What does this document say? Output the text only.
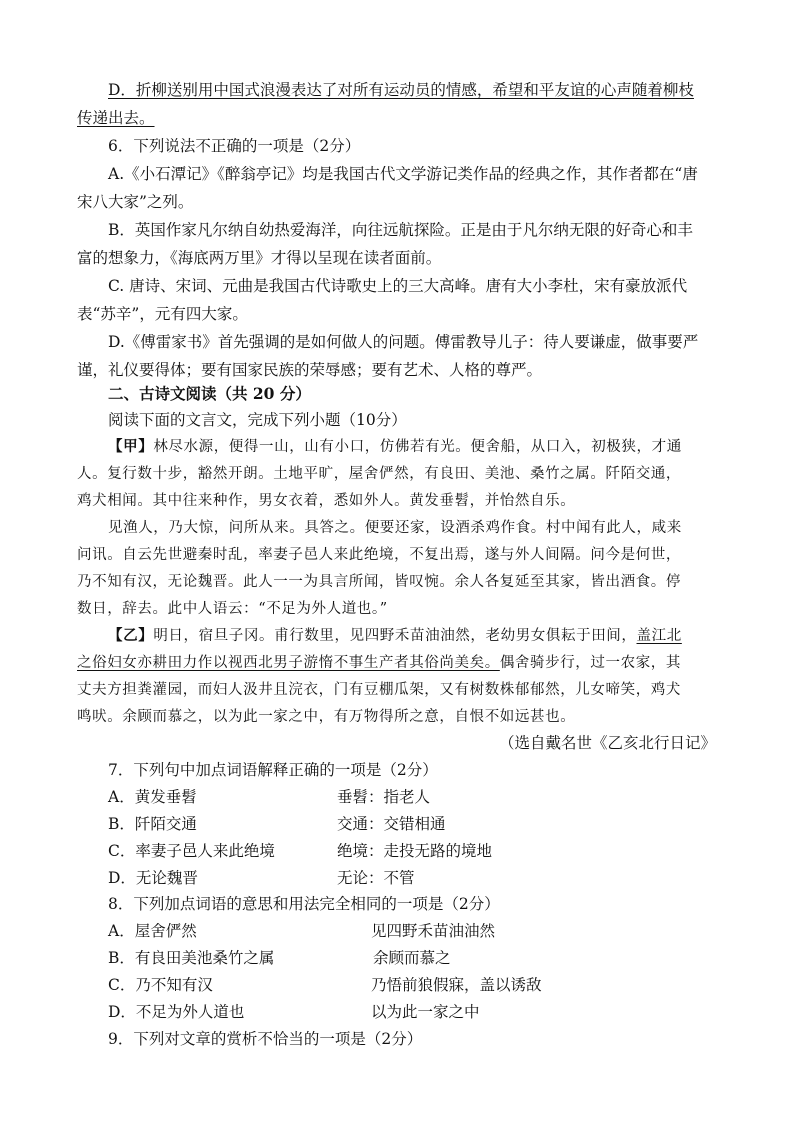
D．折柳送别用中国式浪漫表达了对所有运动员的情感，希望和平友谊的心声随着柳枝
传递出去。
6．下列说法不正确的一项是（2分）
A.《小石潭记》《醉翁亭记》均是我国古代文学游记类作品的经典之作，其作者都在“唐
宋八大家”之列。
B．英国作家凡尔纳自幼热爱海洋，向往远航探险。正是由于凡尔纳无限的好奇心和丰
富的想象力，《海底两万里》才得以呈现在读者面前。
C. 唐诗、宋词、元曲是我国古代诗歌史上的三大高峰。唐有大小李杜，宋有豪放派代
表“苏辛”，元有四大家。
D.《傅雷家书》首先强调的是如何做人的问题。傅雷教导儿子：待人要谦虚，做事要严
谨，礼仪要得体；要有国家民族的荣辱感；要有艺术、人格的尊严。
二、古诗文阅读（共 20 分）
阅读下面的文言文，完成下列小题（10分）
【甲】林尽水源，便得一山，山有小口，仿佛若有光。便舍船，从口入，初极狭，才通
人。复行数十步，豁然开朗。土地平旷，屋舍俨然，有良田、美池、桑竹之属。阡陌交通，
鸡犬相闻。其中往来种作，男女衣着，悉如外人。黄发垂髫，并怡然自乐。
见渔人，乃大惊，问所从来。具答之。便要还家，设酒杀鸡作食。村中闻有此人，咸来
问讯。自云先世避秦时乱，率妻子邑人来此绝境，不复出焉，遂与外人间隔。问今是何世，
乃不知有汉，无论魏晋。此人一一为具言所闻，皆叹惋。余人各复延至其家，皆出酒食。停
数日，辞去。此中人语云：“不足为外人道也。”
【乙】明日，宿旦子冈。甫行数里，见四野禾苗油油然，老幼男女俱耘于田间，盖江北
之俗妇女亦耕田力作以视西北男子游惰不事生产者其俗尚美矣。偶舍骑步行，过一农家，其
丈夫方担粪灌园，而妇人汲井且浣衣，门有豆棚瓜架，又有树数株郁郁然，儿女啼笑，鸡犬
鸣吠。余顾而慕之，以为此一家之中，有万物得所之意，自恨不如远甚也。
（选自戴名世《乙亥北行日记》
7．下列句中加点词语解释正确的一项是（2分）
A．黄发垂髫	垂髫：指老人
B．阡陌交通	交通：交错相通
C．率妻子邑人来此绝境	绝境：走投无路的境地
D．无论魏晋	无论：不管
8．下列加点词语的意思和用法完全相同的一项是（2分）
A．屋舍俨然	见四野禾苗油油然
B．有良田美池桑竹之属	余顾而慕之
C．乃不知有汉	乃悟前狼假寐，盖以诱敌
D．不足为外人道也	以为此一家之中
9．下列对文章的赏析不恰当的一项是（2分）
